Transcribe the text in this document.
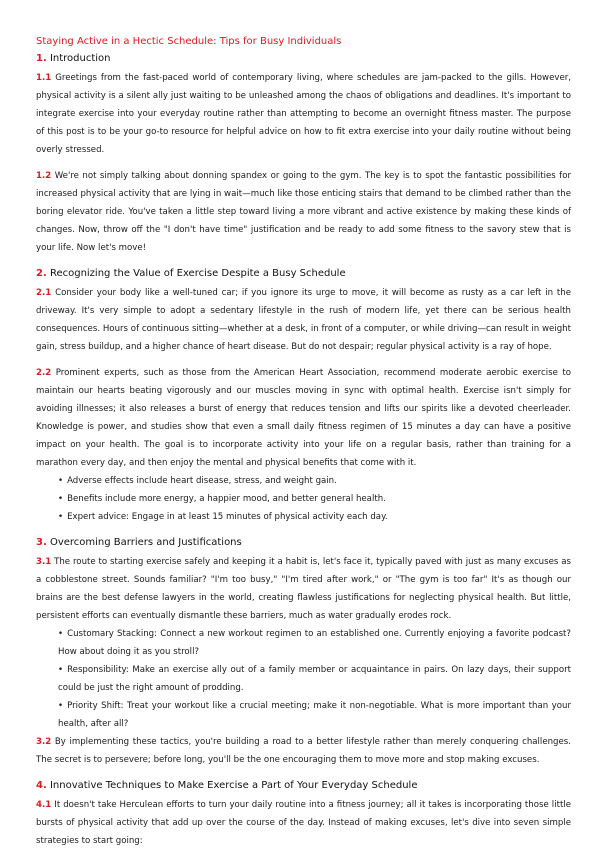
Staying Active in a Hectic Schedule: Tips for Busy Individuals
1. Introduction

1.1 Greetings from the fast-paced world of contemporary living, where schedules are jam-packed to the gills. However, physical activity is a silent ally just waiting to be unleashed among the chaos of obligations and deadlines. It's important to integrate exercise into your everyday routine rather than attempting to become an overnight fitness master. The purpose of this post is to be your go-to resource for helpful advice on how to fit extra exercise into your daily routine without being overly stressed.

1.2 We're not simply talking about donning spandex or going to the gym. The key is to spot the fantastic possibilities for increased physical activity that are lying in wait—much like those enticing stairs that demand to be climbed rather than the boring elevator ride. You've taken a little step toward living a more vibrant and active existence by making these kinds of changes. Now, throw off the "I don't have time" justification and be ready to add some fitness to the savory stew that is your life. Now let's move!

2. Recognizing the Value of Exercise Despite a Busy Schedule

2.1 Consider your body like a well-tuned car; if you ignore its urge to move, it will become as rusty as a car left in the driveway. It's very simple to adopt a sedentary lifestyle in the rush of modern life, yet there can be serious health consequences. Hours of continuous sitting—whether at a desk, in front of a computer, or while driving—can result in weight gain, stress buildup, and a higher chance of heart disease. But do not despair; regular physical activity is a ray of hope.

2.2 Prominent experts, such as those from the American Heart Association, recommend moderate aerobic exercise to maintain our hearts beating vigorously and our muscles moving in sync with optimal health. Exercise isn't simply for avoiding illnesses; it also releases a burst of energy that reduces tension and lifts our spirits like a devoted cheerleader. Knowledge is power, and studies show that even a small daily fitness regimen of 15 minutes a day can have a positive impact on your health. The goal is to incorporate activity into your life on a regular basis, rather than training for a marathon every day, and then enjoy the mental and physical benefits that come with it.

• Adverse effects include heart disease, stress, and weight gain.
• Benefits include more energy, a happier mood, and better general health.
• Expert advice: Engage in at least 15 minutes of physical activity each day.
3. Overcoming Barriers and Justifications

3.1 The route to starting exercise safely and keeping it a habit is, let's face it, typically paved with just as many excuses as a cobblestone street. Sounds familiar? "I'm too busy," "I'm tired after work," or "The gym is too far" It's as though our brains are the best defense lawyers in the world, creating flawless justifications for neglecting physical health. But little, persistent efforts can eventually dismantle these barriers, much as water gradually erodes rock.

• Customary Stacking: Connect a new workout regimen to an established one. Currently enjoying a favorite podcast? How about doing it as you stroll?
• Responsibility: Make an exercise ally out of a family member or acquaintance in pairs. On lazy days, their support could be just the right amount of prodding.
• Priority Shift: Treat your workout like a crucial meeting; make it non-negotiable. What is more important than your health, after all?

3.2 By implementing these tactics, you're building a road to a better lifestyle rather than merely conquering challenges. The secret is to persevere; before long, you'll be the one encouraging them to move more and stop making excuses.

4. Innovative Techniques to Make Exercise a Part of Your Everyday Schedule

4.1 It doesn't take Herculean efforts to turn your daily routine into a fitness journey; all it takes is incorporating those little bursts of physical activity that add up over the course of the day. Instead of making excuses, let's dive into seven simple strategies to start going:
